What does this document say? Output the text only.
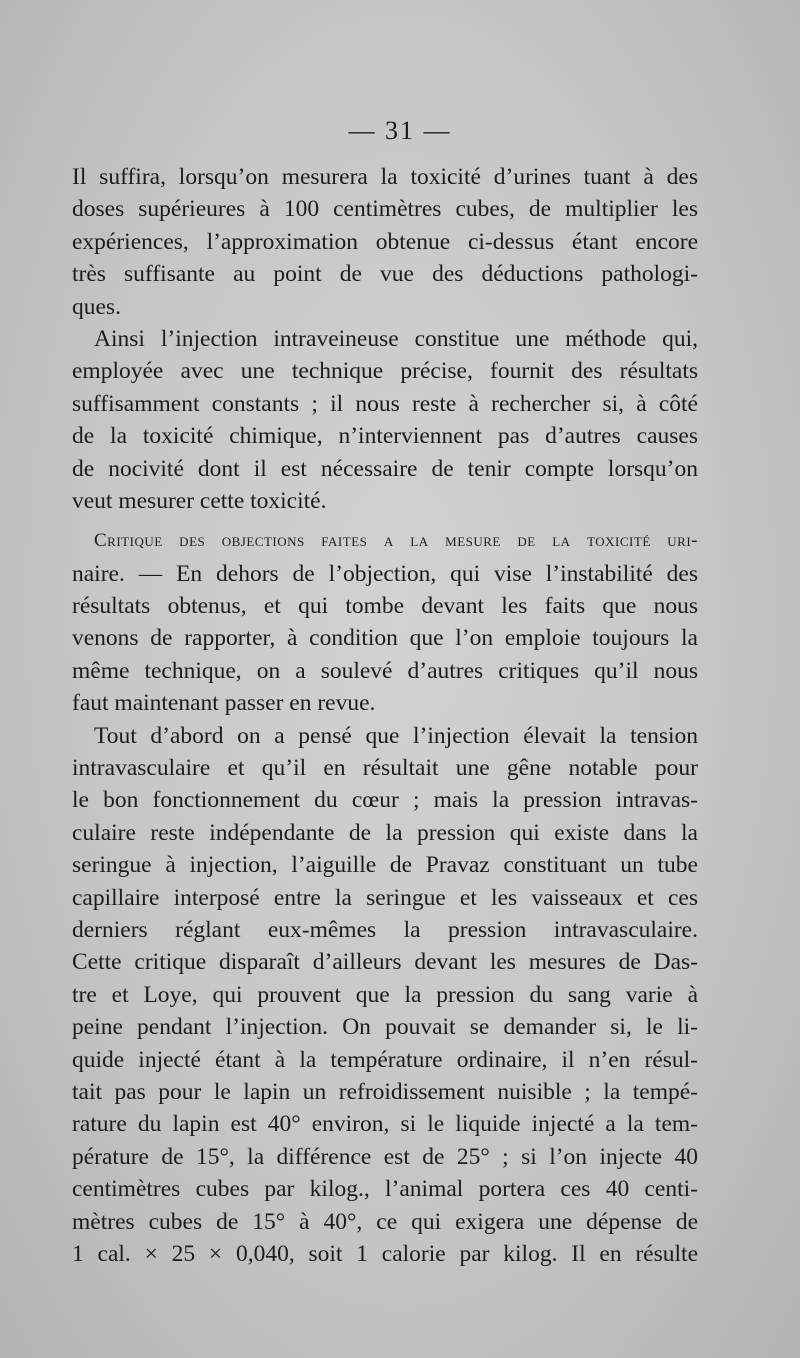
— 31 —
Il suffira, lorsqu’on mesurera la toxicité d’urines tuant à des
doses supérieures à 100 centimètres cubes, de multiplier les
expériences, l’approximation obtenue ci-dessus étant encore
très suffisante au point de vue des déductions pathologi-
ques.
Ainsi l’injection intraveineuse constitue une méthode qui,
employée avec une technique précise, fournit des résultats
suffisamment constants ; il nous reste à rechercher si, à côté
de la toxicité chimique, n’interviennent pas d’autres causes
de nocivité dont il est nécessaire de tenir compte lorsqu’on
veut mesurer cette toxicité.
Critique des objections faites a la mesure de la toxicité uri-
naire. — En dehors de l’objection, qui vise l’instabilité des
résultats obtenus, et qui tombe devant les faits que nous
venons de rapporter, à condition que l’on emploie toujours la
même technique, on a soulevé d’autres critiques qu’il nous
faut maintenant passer en revue.
Tout d’abord on a pensé que l’injection élevait la tension
intravasculaire et qu’il en résultait une gêne notable pour
le bon fonctionnement du cœur ; mais la pression intravas-
culaire reste indépendante de la pression qui existe dans la
seringue à injection, l’aiguille de Pravaz constituant un tube
capillaire interposé entre la seringue et les vaisseaux et ces
derniers réglant eux-mêmes la pression intravasculaire.
Cette critique disparaît d’ailleurs devant les mesures de Das-
tre et Loye, qui prouvent que la pression du sang varie à
peine pendant l’injection. On pouvait se demander si, le li-
quide injecté étant à la température ordinaire, il n’en résul-
tait pas pour le lapin un refroidissement nuisible ; la tempé-
rature du lapin est 40° environ, si le liquide injecté a la tem-
pérature de 15°, la différence est de 25° ; si l’on injecte 40
centimètres cubes par kilog., l’animal portera ces 40 centi-
mètres cubes de 15° à 40°, ce qui exigera une dépense de
1 cal. × 25 × 0,040, soit 1 calorie par kilog. Il en résulte
